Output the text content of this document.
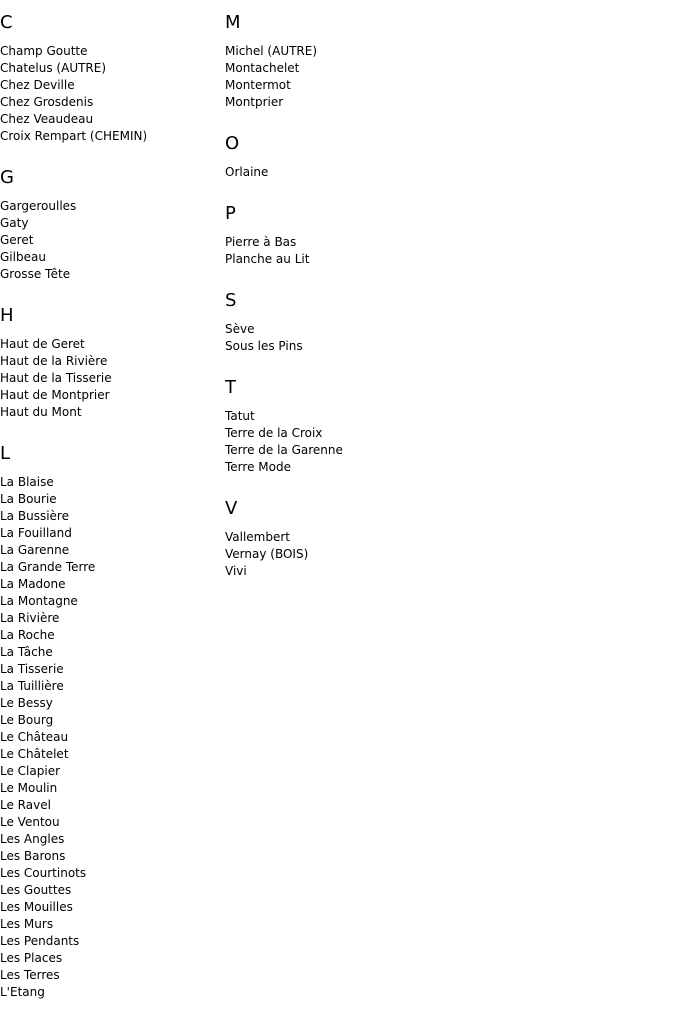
C
Champ Goutte
Chatelus (AUTRE)
Chez Deville
Chez Grosdenis
Chez Veaudeau
Croix Rempart (CHEMIN)
G
Gargeroulles
Gaty
Geret
Gilbeau
Grosse Tête
H
Haut de Geret
Haut de la Rivière
Haut de la Tisserie
Haut de Montprier
Haut du Mont
L
La Blaise
La Bourie
La Bussière
La Fouilland
La Garenne
La Grande Terre
La Madone
La Montagne
La Rivière
La Roche
La Tâche
La Tisserie
La Tuillière
Le Bessy
Le Bourg
Le Château
Le Châtelet
Le Clapier
Le Moulin
Le Ravel
Le Ventou
Les Angles
Les Barons
Les Courtinots
Les Gouttes
Les Mouilles
Les Murs
Les Pendants
Les Places
Les Terres
L'Etang
M
Michel (AUTRE)
Montachelet
Montermot
Montprier
O
Orlaine
P
Pierre à Bas
Planche au Lit
S
Sève
Sous les Pins
T
Tatut
Terre de la Croix
Terre de la Garenne
Terre Mode
V
Vallembert
Vernay (BOIS)
Vivi
